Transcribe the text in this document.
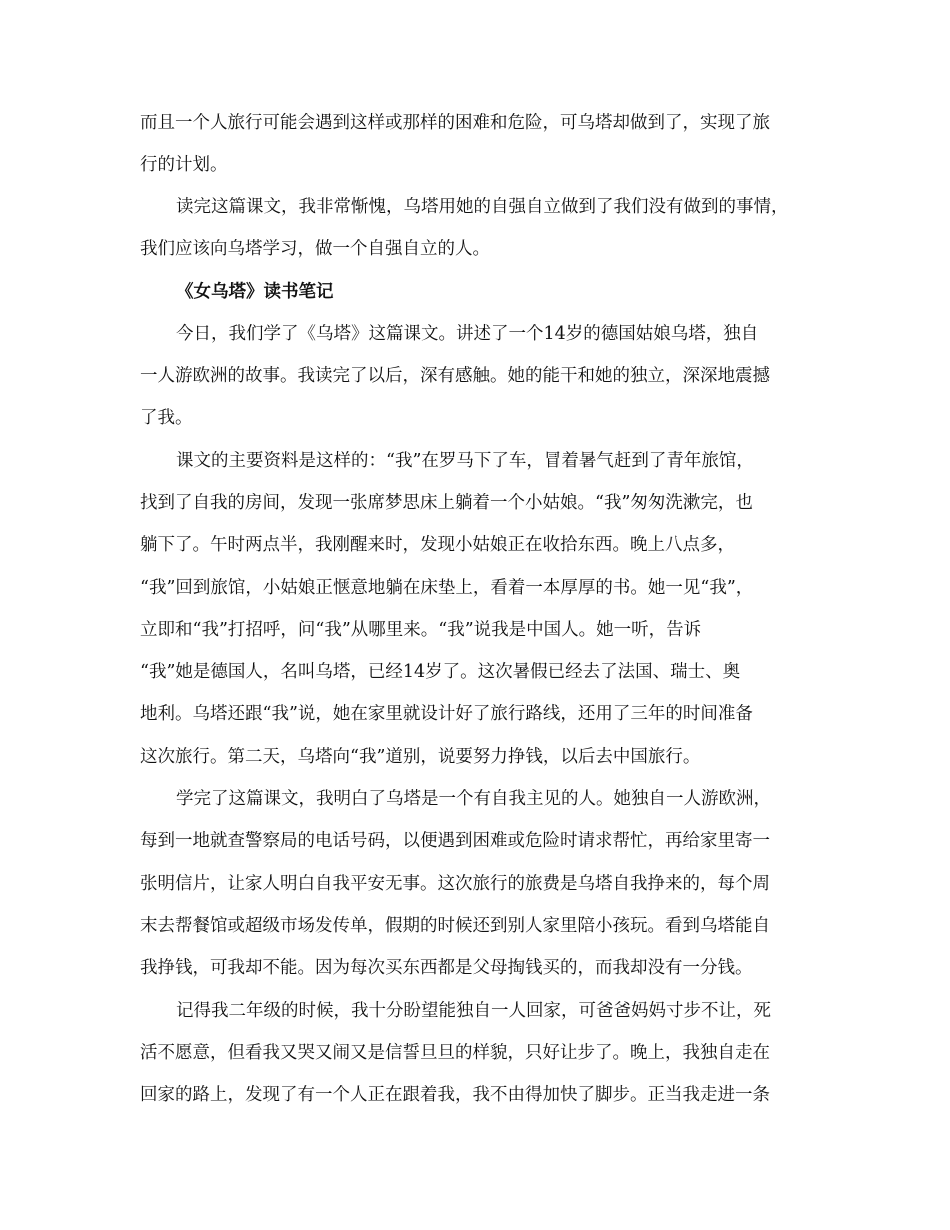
而且一个人旅行可能会遇到这样或那样的困难和危险，可乌塔却做到了，实现了旅

行的计划。

读完这篇课文，我非常惭愧，乌塔用她的自强自立做到了我们没有做到的事情，

我们应该向乌塔学习，做一个自强自立的人。

《女乌塔》读书笔记

今日，我们学了《乌塔》这篇课文。讲述了一个14岁的德国姑娘乌塔，独自

一人游欧洲的故事。我读完了以后，深有感触。她的能干和她的独立，深深地震撼

了我。

课文的主要资料是这样的：“我”在罗马下了车，冒着暑气赶到了青年旅馆，

找到了自我的房间，发现一张席梦思床上躺着一个小姑娘。“我”匆匆洗漱完，也

躺下了。午时两点半，我刚醒来时，发现小姑娘正在收拾东西。晚上八点多，

“我”回到旅馆，小姑娘正惬意地躺在床垫上，看着一本厚厚的书。她一见“我”，

立即和“我”打招呼，问“我”从哪里来。“我”说我是中国人。她一听，告诉

“我”她是德国人，名叫乌塔，已经14岁了。这次暑假已经去了法国、瑞士、奥

地利。乌塔还跟“我”说，她在家里就设计好了旅行路线，还用了三年的时间准备

这次旅行。第二天，乌塔向“我”道别，说要努力挣钱，以后去中国旅行。

学完了这篇课文，我明白了乌塔是一个有自我主见的人。她独自一人游欧洲，

每到一地就查警察局的电话号码，以便遇到困难或危险时请求帮忙，再给家里寄一

张明信片，让家人明白自我平安无事。这次旅行的旅费是乌塔自我挣来的，每个周

末去帮餐馆或超级市场发传单，假期的时候还到别人家里陪小孩玩。看到乌塔能自

我挣钱，可我却不能。因为每次买东西都是父母掏钱买的，而我却没有一分钱。

记得我二年级的时候，我十分盼望能独自一人回家，可爸爸妈妈寸步不让，死

活不愿意，但看我又哭又闹又是信誓旦旦的样貌，只好让步了。晚上，我独自走在

回家的路上，发现了有一个人正在跟着我，我不由得加快了脚步。正当我走进一条
